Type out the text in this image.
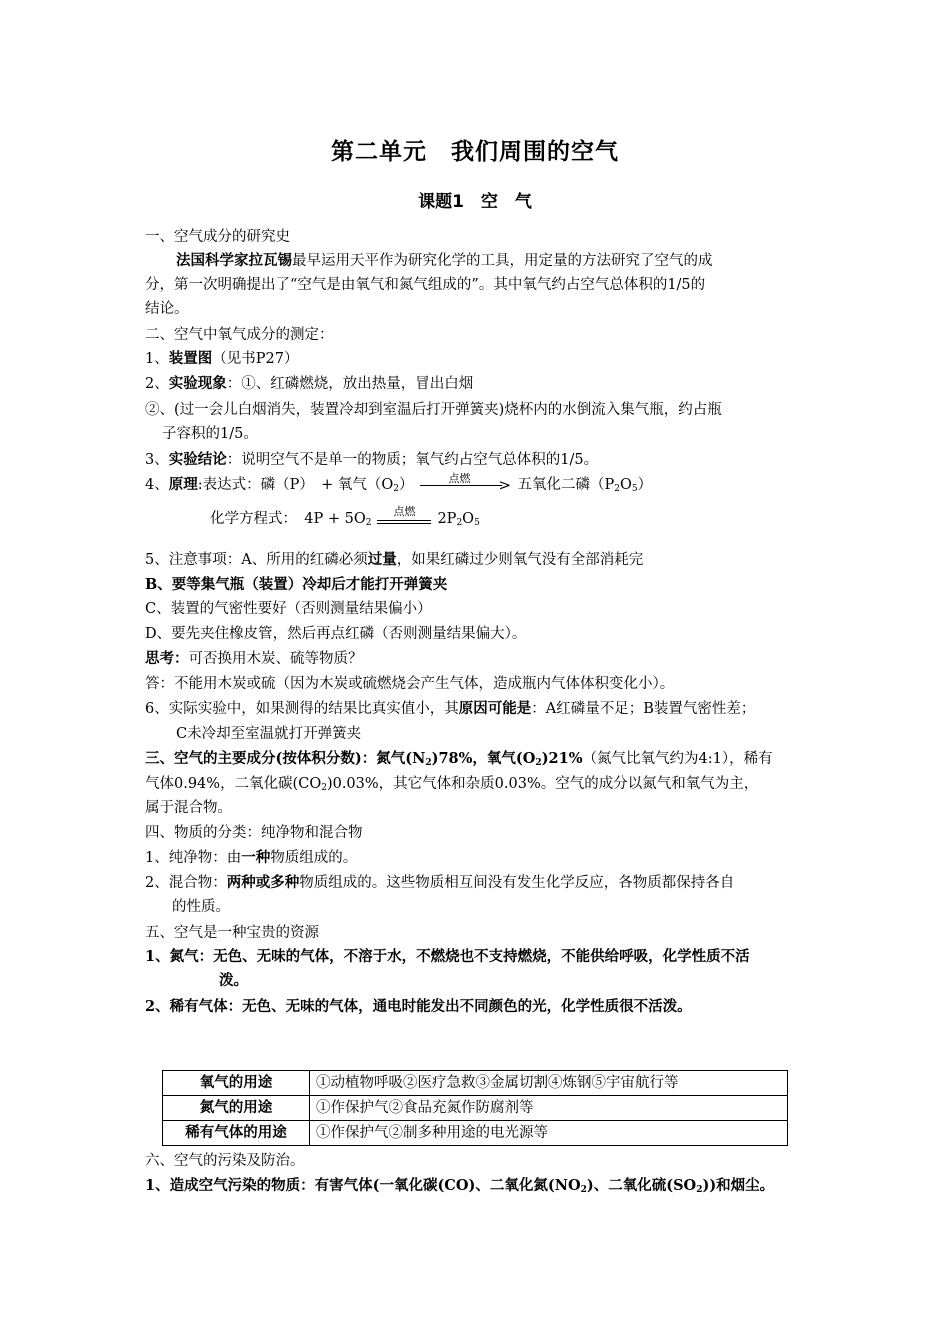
第二单元　我们周围的空气
课题1　空　气
一、空气成分的研究史
法国科学家拉瓦锡最早运用天平作为研究化学的工具，用定量的方法研究了空气的成
分，第一次明确提出了“空气是由氧气和氮气组成的”。其中氧气约占空气总体积的1/5的
结论。
二、空气中氧气成分的测定：
1、装置图（见书P27）
2、实验现象：①、红磷燃烧，放出热量，冒出白烟
②、(过一会儿白烟消失，装置冷却到室温后打开弹簧夹)烧杯内的水倒流入集气瓶，约占瓶
子容积的1/5。
3、实验结论：说明空气不是单一的物质；氧气约占空气总体积的1/5。
4、原理:表达式：磷（P）　+ 氧气$(O_2)$	点燃	> 五氧化二磷$(P_2O_5)$
化学方程式：　$4P + 5O_2$
点燃	$2P_2O_5$
5、注意事项：A、所用的红磷必须过量，如果红磷过少则氧气没有全部消耗完
B、要等集气瓶（装置）冷却后才能打开弹簧夹
C、装置的气密性要好（否则测量结果偏小）
D、要先夹住橡皮管，然后再点红磷（否则测量结果偏大）。
思考：可否换用木炭、硫等物质？
答：不能用木炭或硫（因为木炭或硫燃烧会产生气体，造成瓶内气体体积变化小）。
6、实际实验中，如果测得的结果比真实值小，其原因可能是：A红磷量不足；B装置气密性差；
C未冷却至室温就打开弹簧夹
三、空气的主要成分(按体积分数)：氮气$(N_2)78\%$，氧气$(O_2)21\%$（氮气比氧气约为4:1），稀有
气体0.94%，二氧化碳$(CO_2)0.03\%$，其它气体和杂质0.03%。空气的成分以氮气和氧气为主，
属于混合物。
四、物质的分类：纯净物和混合物
1、纯净物：由一种物质组成的。
2、混合物：两种或多种物质组成的。这些物质相互间没有发生化学反应，各物质都保持各自
的性质。
五、空气是一种宝贵的资源
1、氮气：无色、无味的气体，不溶于水，不燃烧也不支持燃烧，不能供给呼吸，化学性质不活
泼。
2、稀有气体：无色、无味的气体，通电时能发出不同颜色的光，化学性质很不活泼。
氧气的用途	①动植物呼吸②医疗急救③金属切割④炼钢⑤宇宙航行等
氮气的用途	①作保护气②食品充氮作防腐剂等
稀有气体的用途	①作保护气②制多种用途的电光源等
六、空气的污染及防治。
1、造成空气污染的物质：有害气体(一氧化碳(CO)、二氧化氮$(NO_2)$、二氧化硫$(SO_2)$)和烟尘。
